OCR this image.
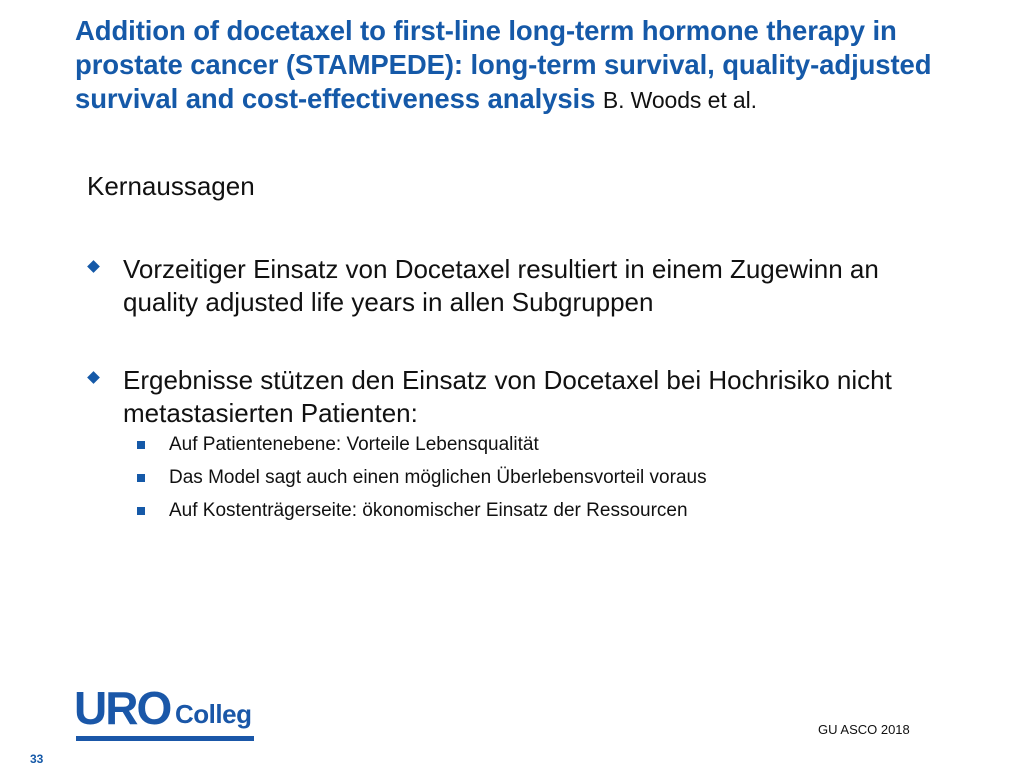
Addition of docetaxel to first-line long-term hormone therapy in prostate cancer (STAMPEDE): long-term survival, quality-adjusted survival and cost-effectiveness analysis B. Woods et al.
Kernaussagen
Vorzeitiger Einsatz von Docetaxel resultiert in einem Zugewinn an quality adjusted life years in allen Subgruppen
Ergebnisse stützen den Einsatz von Docetaxel bei Hochrisiko nicht metastasierten Patienten:
Auf Patientenebene: Vorteile Lebensqualität
Das Model sagt auch einen möglichen Überlebensvorteil voraus
Auf Kostenträgerseite: ökonomischer Einsatz der Ressourcen
URO Colleg
GU ASCO 2018
33
